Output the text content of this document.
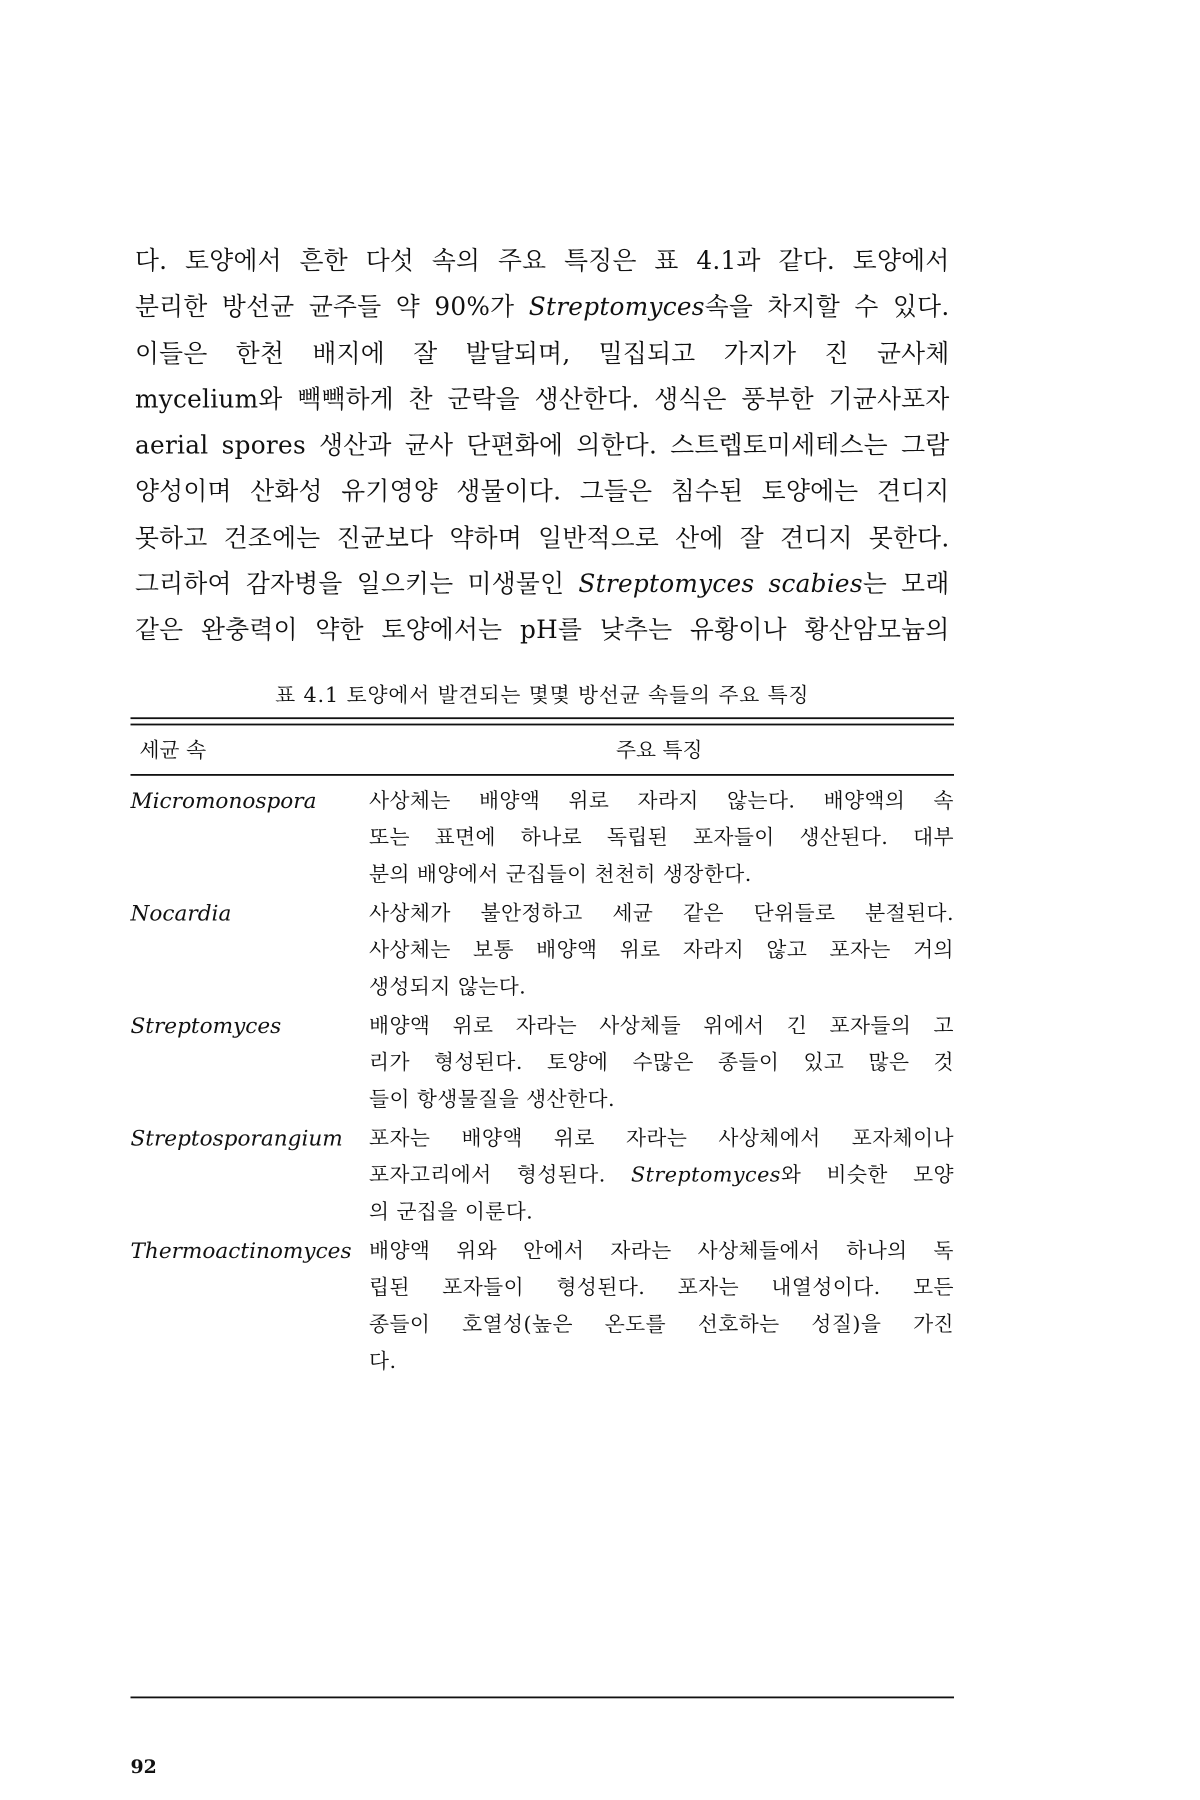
다. 토양에서 흔한 다섯 속의 주요 특징은 표 4.1과 같다. 토양에서
분리한 방선균 균주들 약 90%가 Streptomyces속을 차지할 수 있다.
이들은 한천 배지에 잘 발달되며, 밀집되고 가지가 진 균사체
mycelium와 빽빽하게 찬 군락을 생산한다. 생식은 풍부한 기균사포자
aerial spores 생산과 균사 단편화에 의한다. 스트렙토미세테스는 그람
양성이며 산화성 유기영양 생물이다. 그들은 침수된 토양에는 견디지
못하고 건조에는 진균보다 약하며 일반적으로 산에 잘 견디지 못한다.
그리하여 감자병을 일으키는 미생물인 Streptomyces scabies는 모래
같은 완충력이 약한 토양에서는 pH를 낮추는 유황이나 황산암모늄의
표 4.1 토양에서 발견되는 몇몇 방선균 속들의 주요 특징
세균 속	주요 특징
Micromonospora 사상체는 배양액 위로 자라지 않는다. 배양액의 속
또는 표면에 하나로 독립된 포자들이 생산된다. 대부
분의 배양에서 군집들이 천천히 생장한다.
Nocardia	사상체가 불안정하고 세균 같은 단위들로 분절된다.
사상체는 보통 배양액 위로 자라지 않고 포자는 거의
생성되지 않는다.
Streptomyces	배양액 위로 자라는 사상체들 위에서 긴 포자들의 고
리가 형성된다. 토양에 수많은 종들이 있고 많은 것
들이 항생물질을 생산한다.
Streptosporangium 포자는 배양액 위로 자라는 사상체에서 포자체이나
포자고리에서 형성된다. Streptomyces와 비슷한 모양
의 군집을 이룬다.
Thermoactinomyces 배양액 위와 안에서 자라는 사상체들에서 하나의 독
립된 포자들이 형성된다. 포자는 내열성이다. 모든
종들이 호열성(높은 온도를 선호하는 성질)을 가진
다.
92
